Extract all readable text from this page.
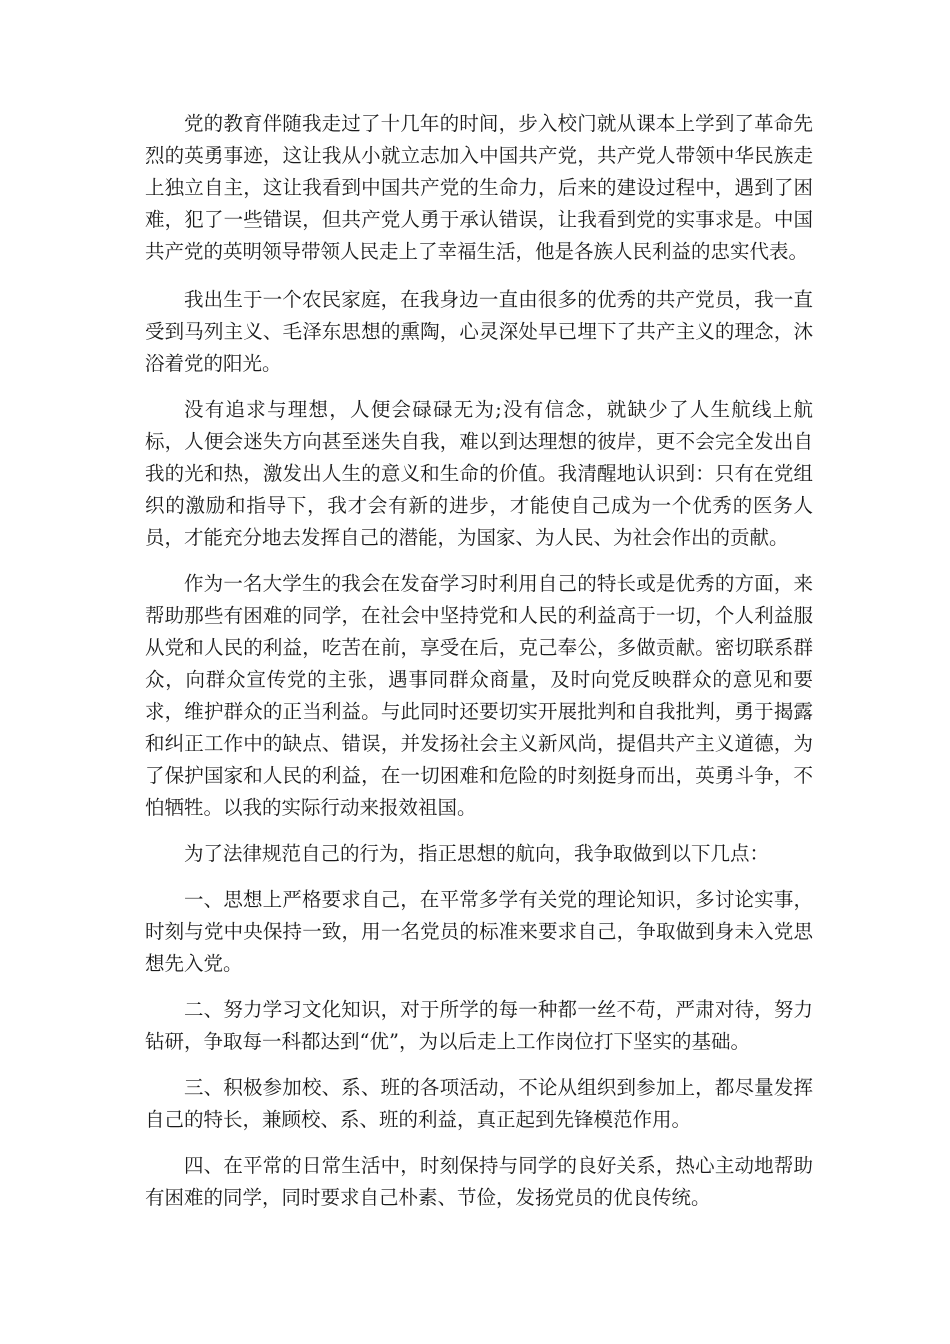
党的教育伴随我走过了十几年的时间，步入校门就从课本上学到了革命先烈的英勇事迹，这让我从小就立志加入中国共产党，共产党人带领中华民族走上独立自主，这让我看到中国共产党的生命力，后来的建设过程中，遇到了困难，犯了一些错误，但共产党人勇于承认错误，让我看到党的实事求是。中国共产党的英明领导带领人民走上了幸福生活，他是各族人民利益的忠实代表。

我出生于一个农民家庭，在我身边一直由很多的优秀的共产党员，我一直受到马列主义、毛泽东思想的熏陶，心灵深处早已埋下了共产主义的理念，沐浴着党的阳光。

没有追求与理想，人便会碌碌无为;没有信念，就缺少了人生航线上航标，人便会迷失方向甚至迷失自我，难以到达理想的彼岸，更不会完全发出自我的光和热，激发出人生的意义和生命的价值。我清醒地认识到：只有在党组织的激励和指导下，我才会有新的进步，才能使自己成为一个优秀的医务人员，才能充分地去发挥自己的潜能，为国家、为人民、为社会作出的贡献。

作为一名大学生的我会在发奋学习时利用自己的特长或是优秀的方面，来帮助那些有困难的同学，在社会中坚持党和人民的利益高于一切，个人利益服从党和人民的利益，吃苦在前，享受在后，克己奉公，多做贡献。密切联系群众，向群众宣传党的主张，遇事同群众商量，及时向党反映群众的意见和要求，维护群众的正当利益。与此同时还要切实开展批判和自我批判，勇于揭露和纠正工作中的缺点、错误，并发扬社会主义新风尚，提倡共产主义道德，为了保护国家和人民的利益，在一切困难和危险的时刻挺身而出，英勇斗争，不怕牺牲。以我的实际行动来报效祖国。

为了法律规范自己的行为，指正思想的航向，我争取做到以下几点：

一、思想上严格要求自己，在平常多学有关党的理论知识，多讨论实事，时刻与党中央保持一致，用一名党员的标准来要求自己，争取做到身未入党思想先入党。

二、努力学习文化知识，对于所学的每一种都一丝不苟，严肃对待，努力钻研，争取每一科都达到“优”，为以后走上工作岗位打下坚实的基础。

三、积极参加校、系、班的各项活动，不论从组织到参加上，都尽量发挥自己的特长，兼顾校、系、班的利益，真正起到先锋模范作用。

四、在平常的日常生活中，时刻保持与同学的良好关系，热心主动地帮助有困难的同学，同时要求自己朴素、节俭，发扬党员的优良传统。
